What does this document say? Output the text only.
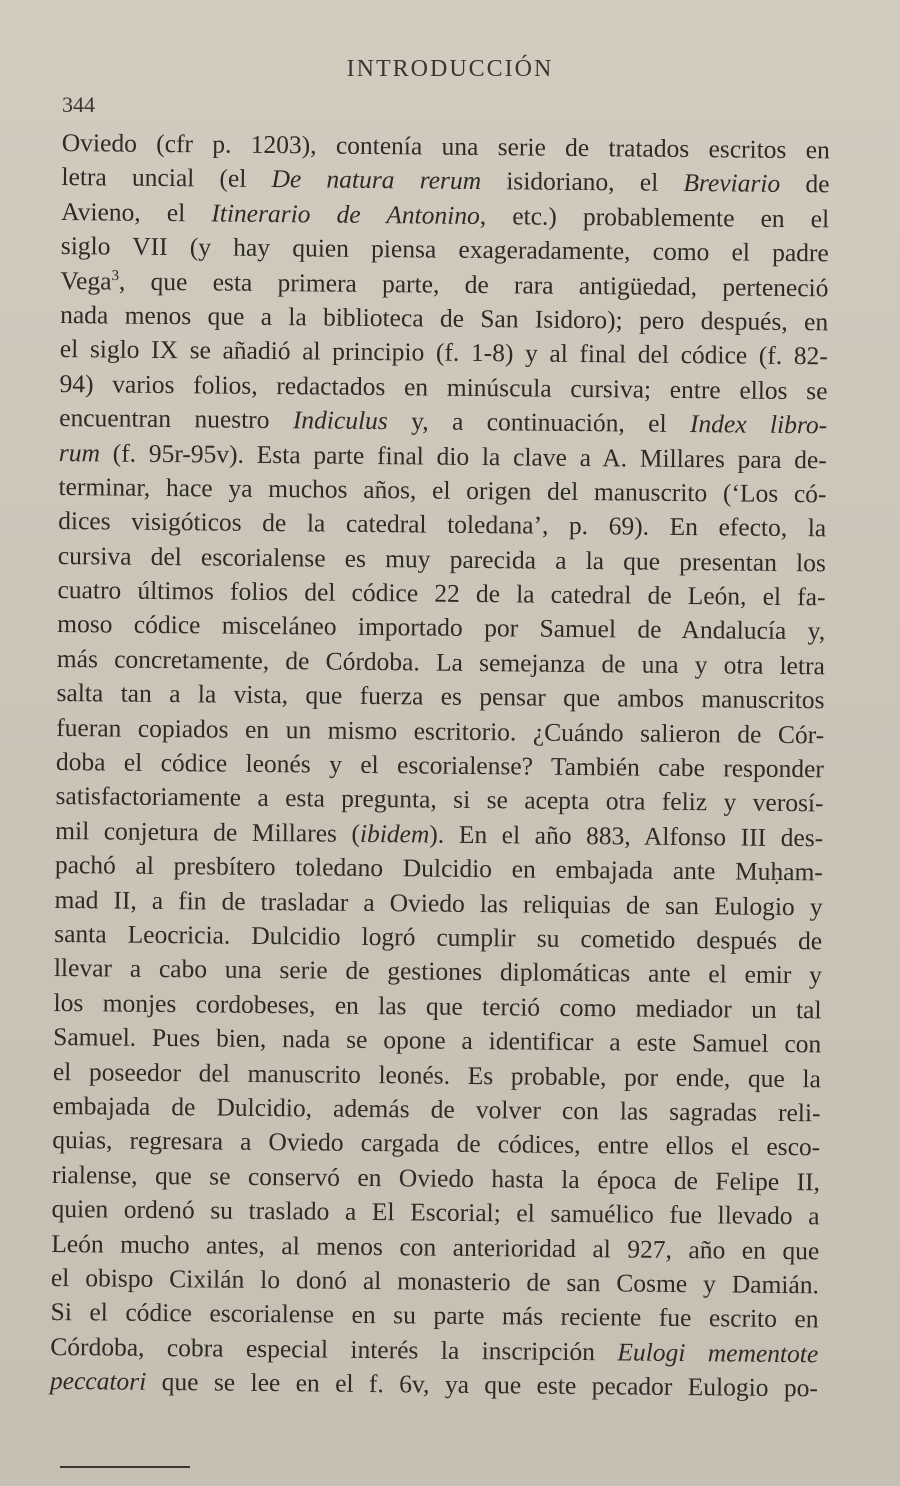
INTRODUCCIÓN
344
Oviedo (cfr p. 1203), contenía una serie de tratados escritos en
letra uncial (el De natura rerum isidoriano, el Breviario de
Avieno, el Itinerario de Antonino, etc.) probablemente en el
siglo VII (y hay quien piensa exageradamente, como el padre
Vega$^3$, que esta primera parte, de rara antigüedad, perteneció
nada menos que a la biblioteca de San Isidoro); pero después, en
el siglo IX se añadió al principio (f. 1-8) y al final del códice (f. 82-
94) varios folios, redactados en minúscula cursiva; entre ellos se
encuentran nuestro Indiculus y, a continuación, el Index libro-
rum (f. 95r-95v). Esta parte final dio la clave a A. Millares para de-
terminar, hace ya muchos años, el origen del manuscrito (‘Los có-
dices visigóticos de la catedral toledana’, p. 69). En efecto, la
cursiva del escorialense es muy parecida a la que presentan los
cuatro últimos folios del códice 22 de la catedral de León, el fa-
moso códice misceláneo importado por Samuel de Andalucía y,
más concretamente, de Córdoba. La semejanza de una y otra letra
salta tan a la vista, que fuerza es pensar que ambos manuscritos
fueran copiados en un mismo escritorio. ¿Cuándo salieron de Cór-
doba el códice leonés y el escorialense? También cabe responder
satisfactoriamente a esta pregunta, si se acepta otra feliz y verosí-
mil conjetura de Millares (ibidem). En el año 883, Alfonso III des-
pachó al presbítero toledano Dulcidio en embajada ante Muḥam-
mad II, a fin de trasladar a Oviedo las reliquias de san Eulogio y
santa Leocricia. Dulcidio logró cumplir su cometido después de
llevar a cabo una serie de gestiones diplomáticas ante el emir y
los monjes cordobeses, en las que terció como mediador un tal
Samuel. Pues bien, nada se opone a identificar a este Samuel con
el poseedor del manuscrito leonés. Es probable, por ende, que la
embajada de Dulcidio, además de volver con las sagradas reli-
quias, regresara a Oviedo cargada de códices, entre ellos el esco-
rialense, que se conservó en Oviedo hasta la época de Felipe II,
quien ordenó su traslado a El Escorial; el samuélico fue llevado a
León mucho antes, al menos con anterioridad al 927, año en que
el obispo Cixilán lo donó al monasterio de san Cosme y Damián.
Si el códice escorialense en su parte más reciente fue escrito en
Córdoba, cobra especial interés la inscripción Eulogi mementote
peccatori que se lee en el f. 6v, ya que este pecador Eulogio po-
